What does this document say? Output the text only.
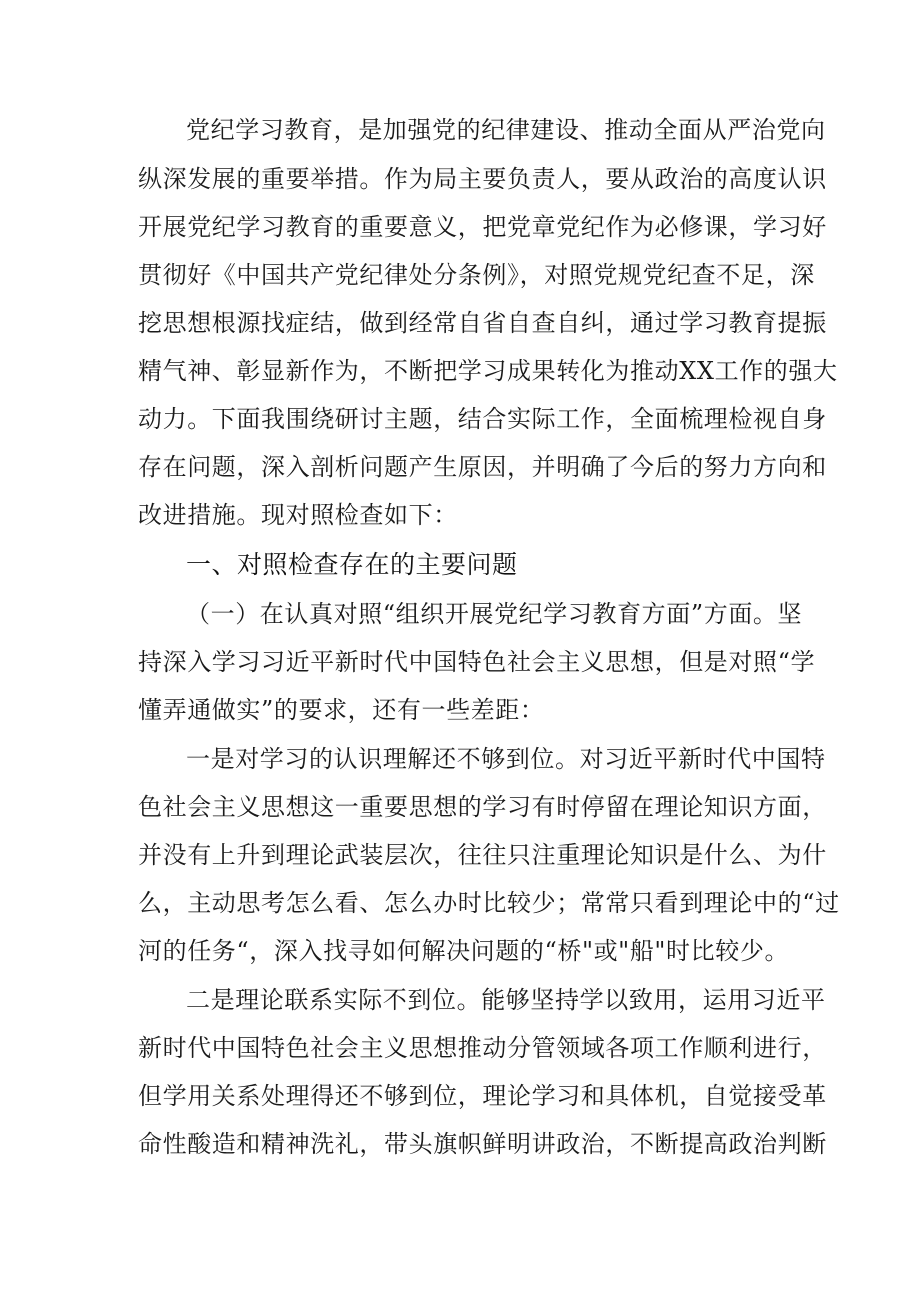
党纪学习教育，是加强党的纪律建设、推动全面从严治党向
纵深发展的重要举措。作为局主要负责人，要从政治的高度认识
开展党纪学习教育的重要意义，把党章党纪作为必修课，学习好
贯彻好《中国共产党纪律处分条例》，对照党规党纪查不足，深
挖思想根源找症结，做到经常自省自查自纠，通过学习教育提振
精气神、彰显新作为，不断把学习成果转化为推动XX工作的强大
动力。下面我围绕研讨主题，结合实际工作，全面梳理检视自身
存在问题，深入剖析问题产生原因，并明确了今后的努力方向和
改进措施。现对照检查如下：
一、对照检查存在的主要问题
（一）在认真对照“组织开展党纪学习教育方面”方面。坚
持深入学习习近平新时代中国特色社会主义思想，但是对照“学
懂弄通做实”的要求，还有一些差距：
一是对学习的认识理解还不够到位。对习近平新时代中国特
色社会主义思想这一重要思想的学习有时停留在理论知识方面，
并没有上升到理论武装层次，往往只注重理论知识是什么、为什
么，主动思考怎么看、怎么办时比较少；常常只看到理论中的“过
河的任务“，深入找寻如何解决问题的“桥"或"船"时比较少。
二是理论联系实际不到位。能够坚持学以致用，运用习近平
新时代中国特色社会主义思想推动分管领域各项工作顺利进行，
但学用关系处理得还不够到位，理论学习和具体机，自觉接受革
命性酸造和精神洗礼，带头旗帜鲜明讲政治，不断提高政治判断
